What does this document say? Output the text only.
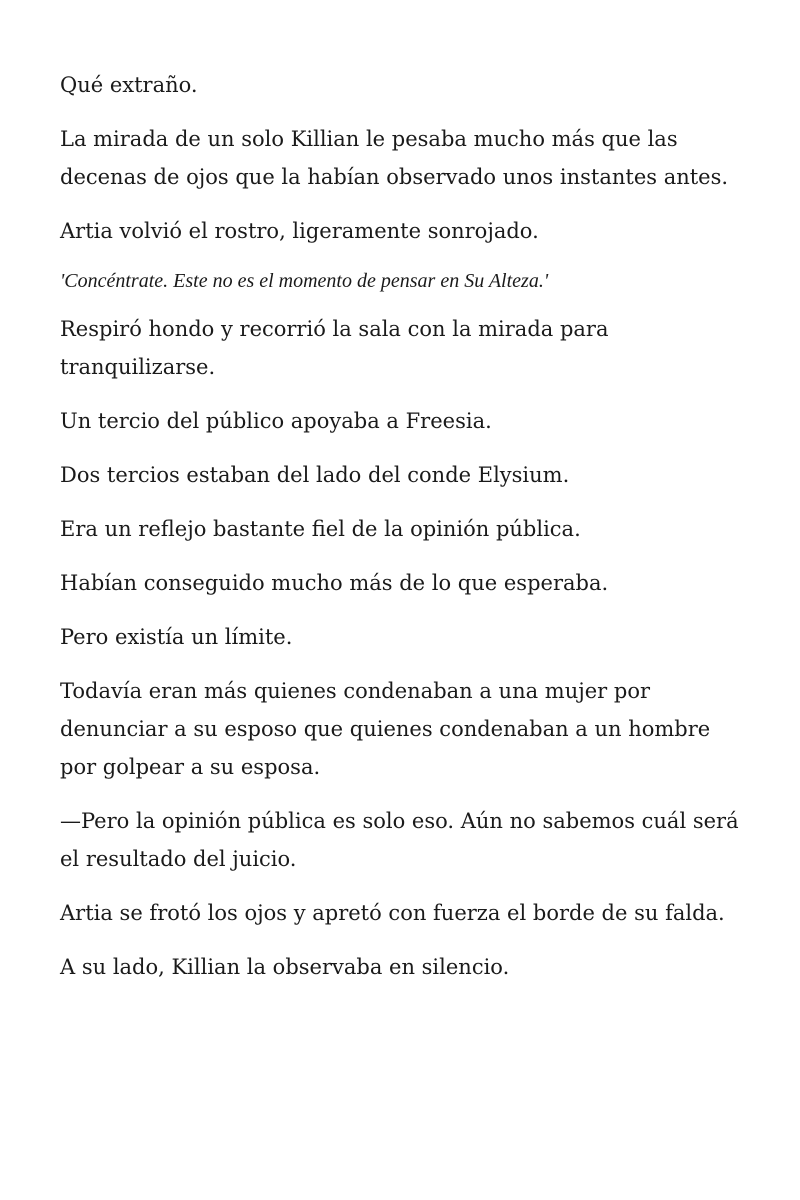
Qué extraño.

La mirada de un solo Killian le pesaba mucho más que las decenas de ojos que la habían observado unos instantes antes.

Artia volvió el rostro, ligeramente sonrojado.

'Concéntrate. Este no es el momento de pensar en Su Alteza.'

Respiró hondo y recorrió la sala con la mirada para tranquilizarse.

Un tercio del público apoyaba a Freesia.

Dos tercios estaban del lado del conde Elysium.

Era un reflejo bastante fiel de la opinión pública.

Habían conseguido mucho más de lo que esperaba.

Pero existía un límite.

Todavía eran más quienes condenaban a una mujer por denunciar a su esposo que quienes condenaban a un hombre por golpear a su esposa.

—Pero la opinión pública es solo eso. Aún no sabemos cuál será el resultado del juicio.

Artia se frotó los ojos y apretó con fuerza el borde de su falda.

A su lado, Killian la observaba en silencio.
